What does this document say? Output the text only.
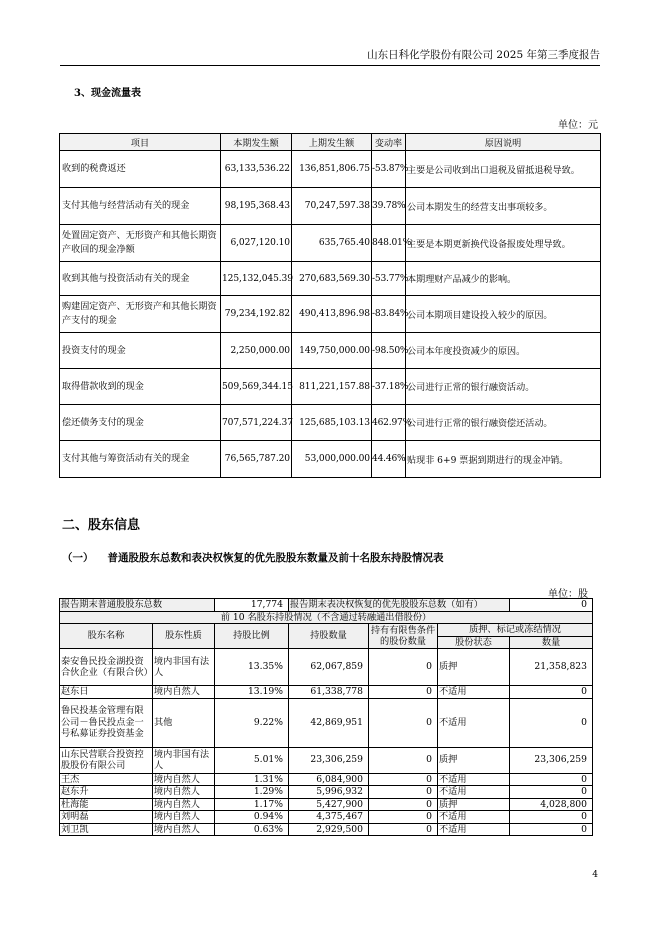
山东日科化学股份有限公司 2025 年第三季度报告
3、现金流量表
单位：元
项目	本期发生额	上期发生额	变动率	原因说明
收到的税费返还	63,133,536.22	136,851,806.75	-53.87%	主要是公司收到出口退税及留抵退税导致。
支付其他与经营活动有关的现金	98,195,368.43	70,247,597.38	39.78%	公司本期发生的经营支出事项较多。
处置固定资产、无形资产和其他长期资产收回的现金净额	6,027,120.10	635,765.40	848.01%	主要是本期更新换代设备报废处理导致。
收到其他与投资活动有关的现金	125,132,045.39	270,683,569.30	-53.77%	本期理财产品减少的影响。
购建固定资产、无形资产和其他长期资产支付的现金	79,234,192.82	490,413,896.98	-83.84%	公司本期项目建设投入较少的原因。
投资支付的现金	2,250,000.00	149,750,000.00	-98.50%	公司本年度投资减少的原因。
取得借款收到的现金	509,569,344.15	811,221,157.88	-37.18%	公司进行正常的银行融资活动。
偿还债务支付的现金	707,571,224.37	125,685,103.13	462.97%	公司进行正常的银行融资偿还活动。
支付其他与筹资活动有关的现金	76,565,787.20	53,000,000.00	44.46%	贴现非 6+9 票据到期进行的现金冲销。
二、股东信息
（一） 普通股股东总数和表决权恢复的优先股股东数量及前十名股东持股情况表
单位：股
报告期末普通股股东总数		17,774	报告期末表决权恢复的优先股股东总数（如有）			0
前 10 名股东持股情况（不含通过转融通出借股份）						
股东名称	股东性质	持股比例	持股数量	持有有限售条件的股份数量	质押、标记或冻结情况	
					股份状态	数量
泰安鲁民投金湖投资合伙企业（有限合伙）	境内非国有法人	13.35%	62,067,859	0	质押	21,358,823
赵东日	境内自然人	13.19%	61,338,778	0	不适用	0
鲁民投基金管理有限公司－鲁民投点金一号私募证券投资基金	其他	9.22%	42,869,951	0	不适用	0
山东民营联合投资控股股份有限公司	境内非国有法人	5.01%	23,306,259	0	质押	23,306,259
王杰	境内自然人	1.31%	6,084,900	0	不适用	0
赵东升	境内自然人	1.29%	5,996,932	0	不适用	0
杜海能	境内自然人	1.17%	5,427,900	0	质押	4,028,800
刘明磊	境内自然人	0.94%	4,375,467	0	不适用	0
刘卫凯	境内自然人	0.63%	2,929,500	0	不适用	0
4
